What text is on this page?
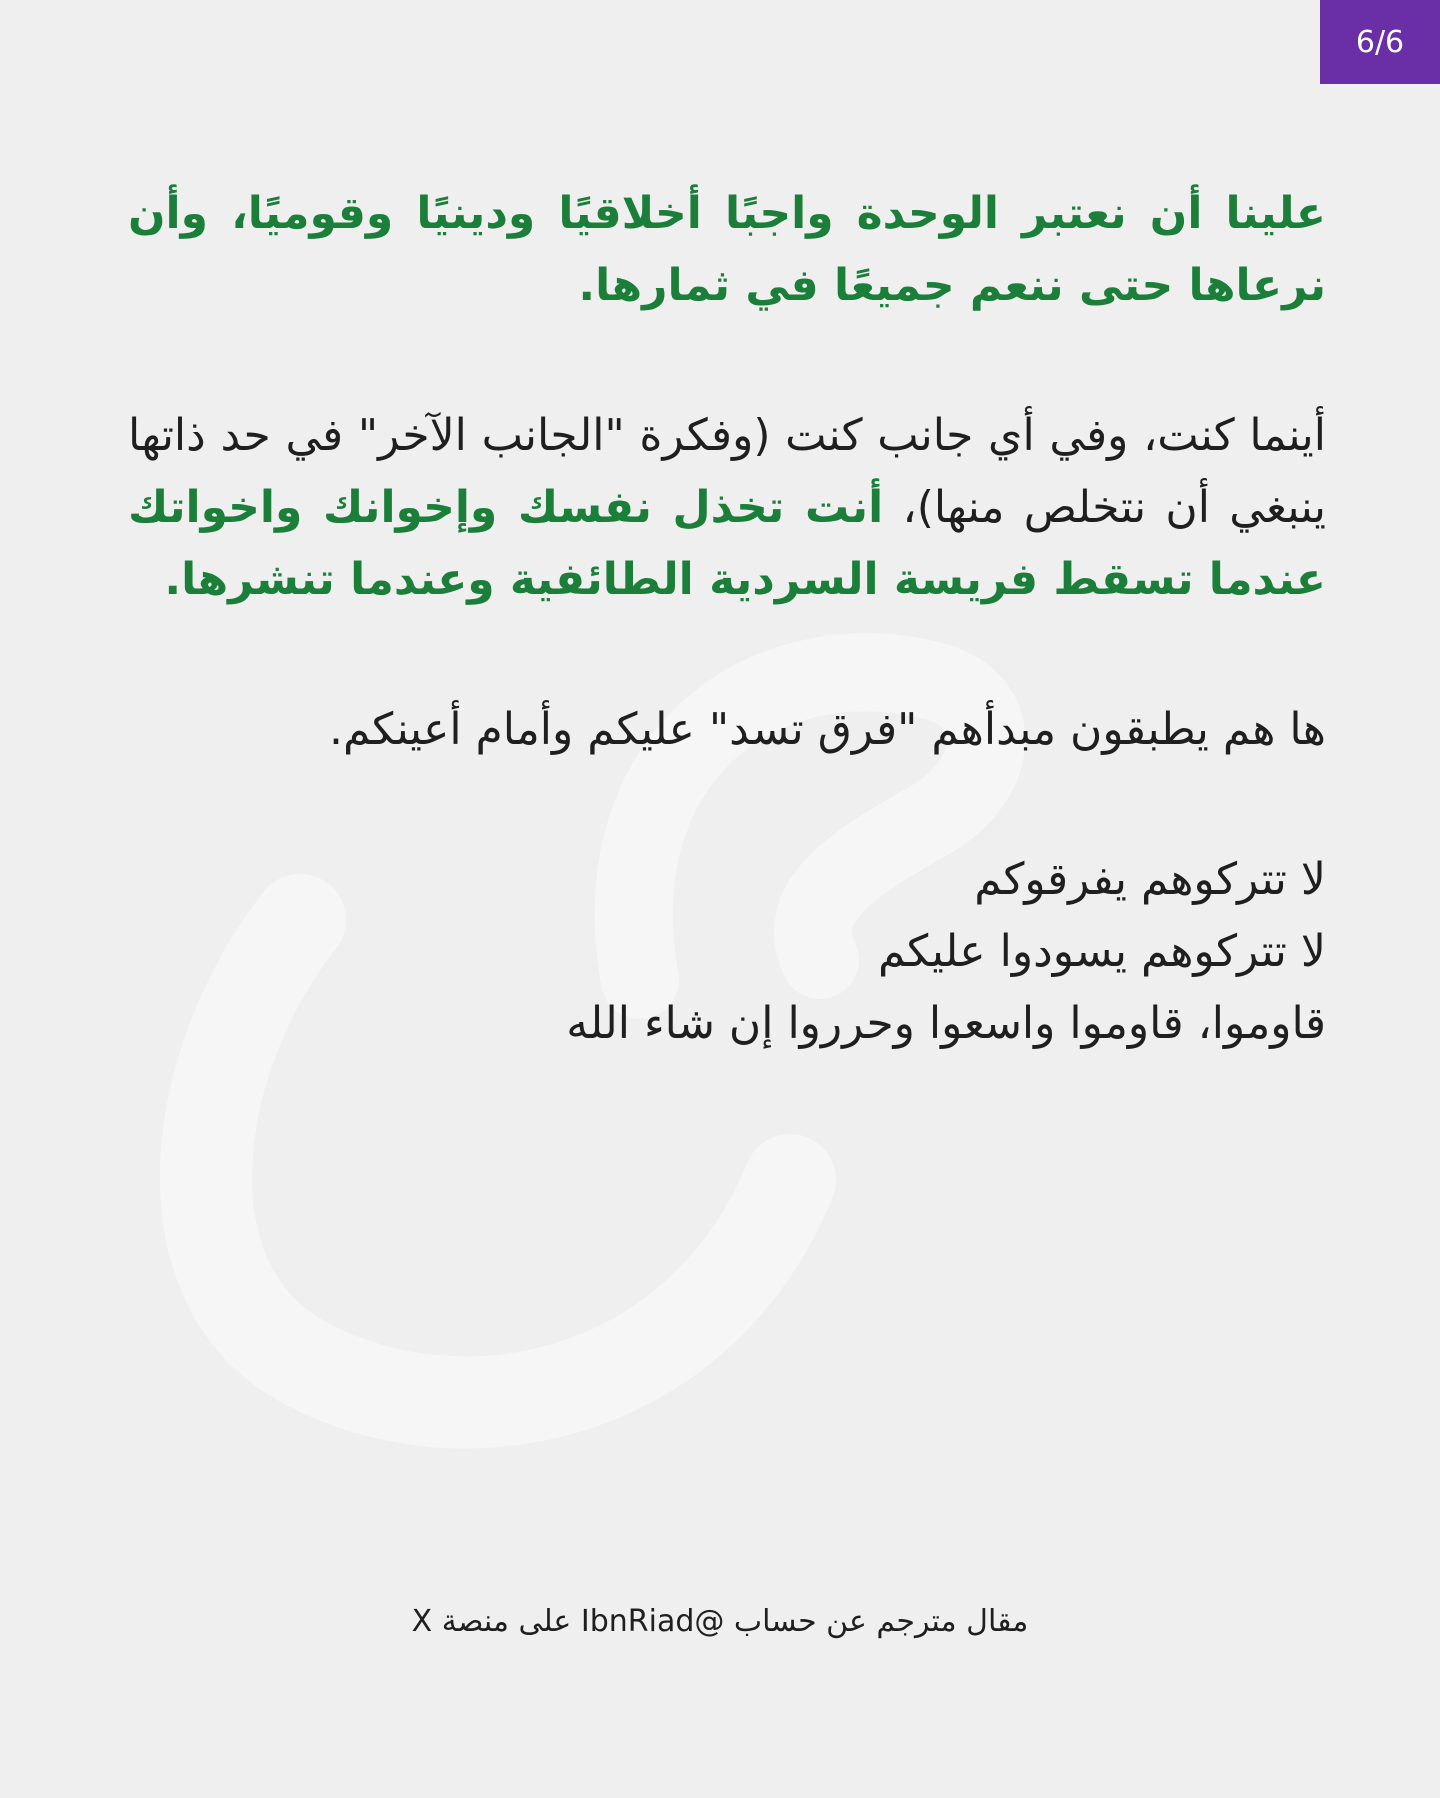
6/6

علينا أن نعتبر الوحدة واجبًا أخلاقيًا ودينيًا وقوميًا، وأن نرعاها حتى ننعم جميعًا في ثمارها.

أينما كنت، وفي أي جانب كنت (وفكرة "الجانب الآخر" في حد ذاتها ينبغي أن نتخلص منها)، أنت تخذل نفسك وإخوانك واخواتك عندما تسقط فريسة السردية الطائفية وعندما تنشرها.

ها هم يطبقون مبدأهم "فرق تسد" عليكم وأمام أعينكم.

لا تتركوهم يفرقوكم
لا تتركوهم يسودوا عليكم
قاوموا، قاوموا واسعوا وحرروا إن شاء الله

مقال مترجم عن حساب @IbnRiad على منصة X
